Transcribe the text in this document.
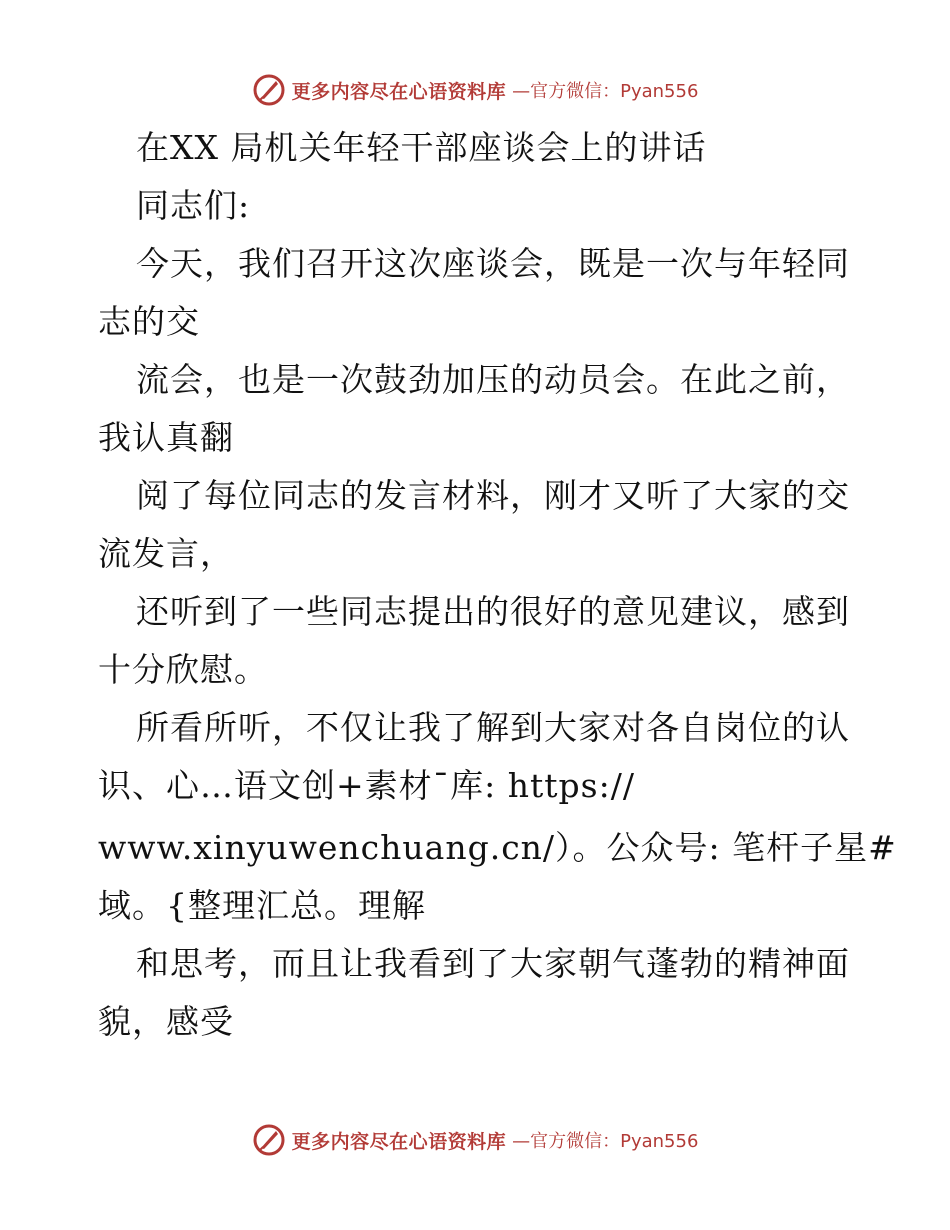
更多内容尽在心语资料库 —官方微信：Pyan556
在XX 局机关年轻干部座谈会上的讲话
同志们:
今天，我们召开这次座谈会，既是一次与年轻同
志的交
流会，也是一次鼓劲加压的动员会。在此之前，
我认真翻
阅了每位同志的发言材料，刚才又听了大家的交
流发言，
还听到了一些同志提出的很好的意见建议，感到
十分欣慰。
所看所听，不仅让我了解到大家对各自岗位的认
识、心…语文创+素材¯库: https://
www.xinyuwenchuang.cn/）。公众号: 笔杆子星#
域。{整理汇总。理解
和思考，而且让我看到了大家朝气蓬勃的精神面
貌，感受
更多内容尽在心语资料库 —官方微信：Pyan556
